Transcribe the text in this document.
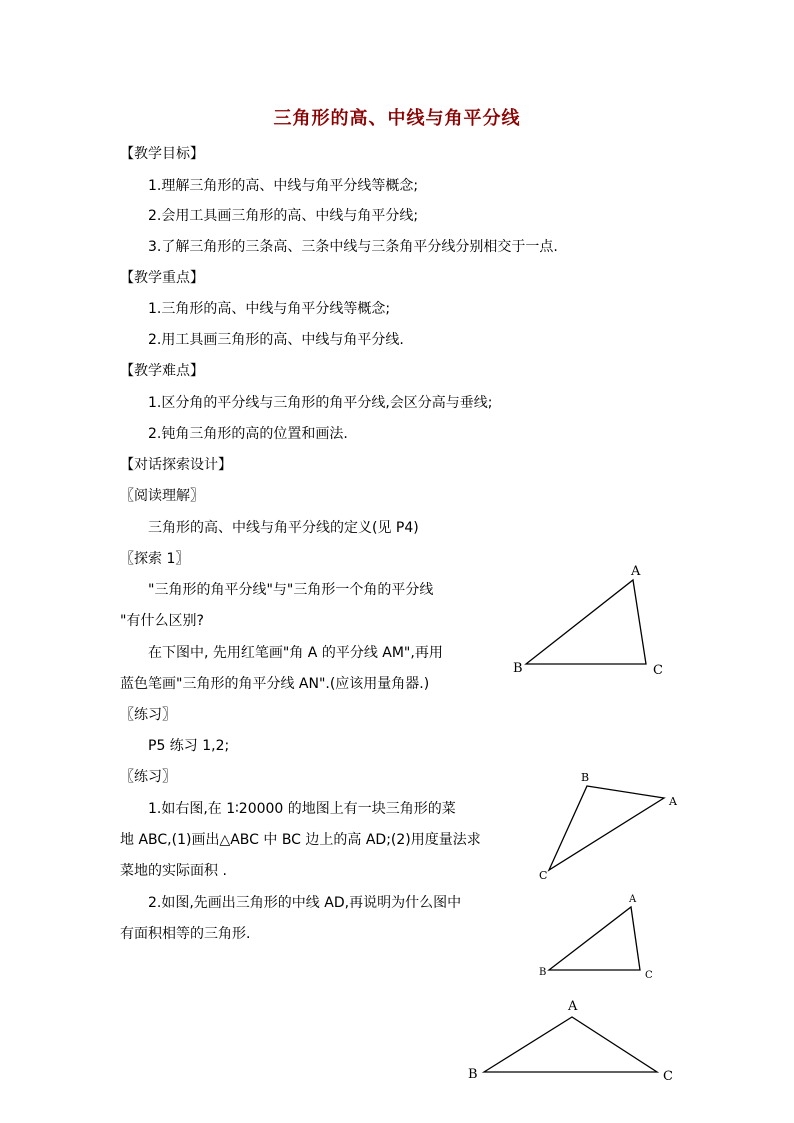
三角形的高、中线与角平分线
【教学目标】
1.理解三角形的高、中线与角平分线等概念;
2.会用工具画三角形的高、中线与角平分线;
3.了解三角形的三条高、三条中线与三条角平分线分别相交于一点.
【教学重点】
1.三角形的高、中线与角平分线等概念;
2.用工具画三角形的高、中线与角平分线.
【教学难点】
1.区分角的平分线与三角形的角平分线,会区分高与垂线;
2.钝角三角形的高的位置和画法.
【对话探索设计】
〖阅读理解〗
三角形的高、中线与角平分线的定义(见 P4)
〖探索 1〗
"三角形的角平分线"与"三角形一个角的平分线
"有什么区别?
在下图中, 先用红笔画"角 A 的平分线 AM",再用
蓝色笔画"三角形的角平分线 AN".(应该用量角器.)
〖练习〗
P5 练习 1,2;
〖练习〗
1.如右图,在 1∶20000 的地图上有一块三角形的菜
地 ABC,(1)画出△ABC 中 BC 边上的高 AD;(2)用度量法求
菜地的实际面积 .
2.如图,先画出三角形的中线 AD,再说明为什么图中
有面积相等的三角形.
A
B	C
B
A
C
A
B	C
A
B	C
